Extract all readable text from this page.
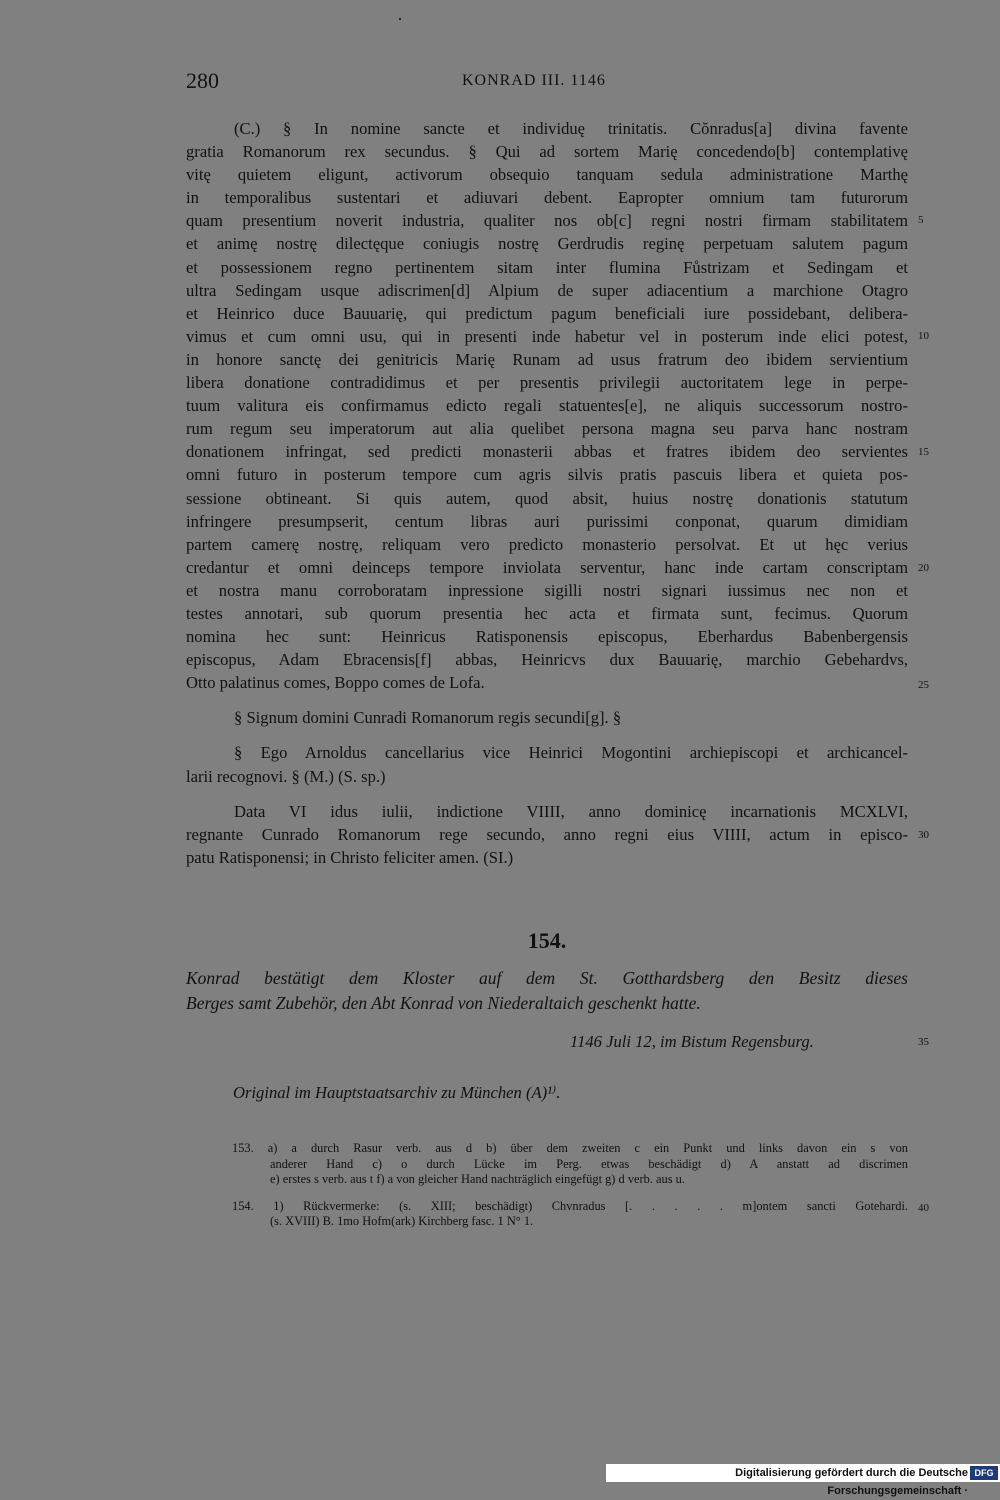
280	KONRAD III. 1146
(C.) § In nomine sancte et individuę trinitatis. Cŏnradus[a] divina favente
gratia Romanorum rex secundus. § Qui ad sortem Marię concedendo[b] contemplativę
vitę quietem eligunt, activorum obsequio tanquam sedula administratione Marthę
in temporalibus sustentari et adiuvari debent. Eapropter omnium tam futurorum
quam presentium noverit industria, qualiter nos ob[c] regni nostri firmam stabilitatem
et animę nostrę dilectęque coniugis nostrę Gerdrudis reginę perpetuam salutem pagum
et possessionem regno pertinentem sitam inter flumina Fůstrizam et Sedingam et
ultra Sedingam usque adiscrimen[d] Alpium de super adiacentium a marchione Otagro
et Heinrico duce Bauuarię, qui predictum pagum beneficiali iure possidebant, delibera-
vimus et cum omni usu, qui in presenti inde habetur vel in posterum inde elici potest,
in honore sanctę dei genitricis Marię Runam ad usus fratrum deo ibidem servientium
libera donatione contradidimus et per presentis privilegii auctoritatem lege in perpe-
tuum valitura eis confirmamus edicto regali statuentes[e], ne aliquis successorum nostro-
rum regum seu imperatorum aut alia quelibet persona magna seu parva hanc nostram
donationem infringat, sed predicti monasterii abbas et fratres ibidem deo servientes
omni futuro in posterum tempore cum agris silvis pratis pascuis libera et quieta pos-
sessione obtineant. Si quis autem, quod absit, huius nostrę donationis statutum
infringere presumpserit, centum libras auri purissimi conponat, quarum dimidiam
partem camerę nostrę, reliquam vero predicto monasterio persolvat. Et ut hęc verius
credantur et omni deinceps tempore inviolata serventur, hanc inde cartam conscriptam
et nostra manu corroboratam inpressione sigilli nostri signari iussimus nec non et
testes annotari, sub quorum presentia hec acta et firmata sunt, fecimus. Quorum
nomina hec sunt: Heinricus Ratisponensis episcopus, Eberhardus Babenbergensis
episcopus, Adam Ebracensis[f] abbas, Heinricvs dux Bauuarię, marchio Gebehardvs,
Otto palatinus comes, Boppo comes de Lofa.
§ Signum domini Cunradi Romanorum regis secundi[g]. §
§ Ego Arnoldus cancellarius vice Heinrici Mogontini archiepiscopi et archicancel-
larii recognovi. § (M.) (S. sp.)
Data VI idus iulii, indictione VIIII, anno dominicę incarnationis MCXLVI,
regnante Cunrado Romanorum rege secundo, anno regni eius VIIII, actum in episco-
patu Ratisponensi; in Christo feliciter amen. (SI.)
5
10
15
20
25
30
35
40
154.
Konrad bestätigt dem Kloster auf dem St. Gotthardsberg den Besitz dieses
Berges samt Zubehör, den Abt Konrad von Niederaltaich geschenkt hatte.
1146 Juli 12, im Bistum Regensburg.
Original im Hauptstaatsarchiv zu München (A)¹⁾.
153. a) a durch Rasur verb. aus d b) über dem zweiten c ein Punkt und links davon ein s von
anderer Hand c) o durch Lücke im Perg. etwas beschädigt d) A anstatt ad discrimen
e) erstes s verb. aus t f) a von gleicher Hand nachträglich eingefügt g) d verb. aus u.
154. 1) Rückvermerke: (s. XIII; beschädigt) Chvnradus [. . . . . m]ontem sancti Gotehardi.
(s. XVIII) B. 1mo Hofm(ark) Kirchberg fasc. 1 N° 1.
Digitalisierung gefördert durch die Deutsche Forschungsgemeinschaft ·
DFG
